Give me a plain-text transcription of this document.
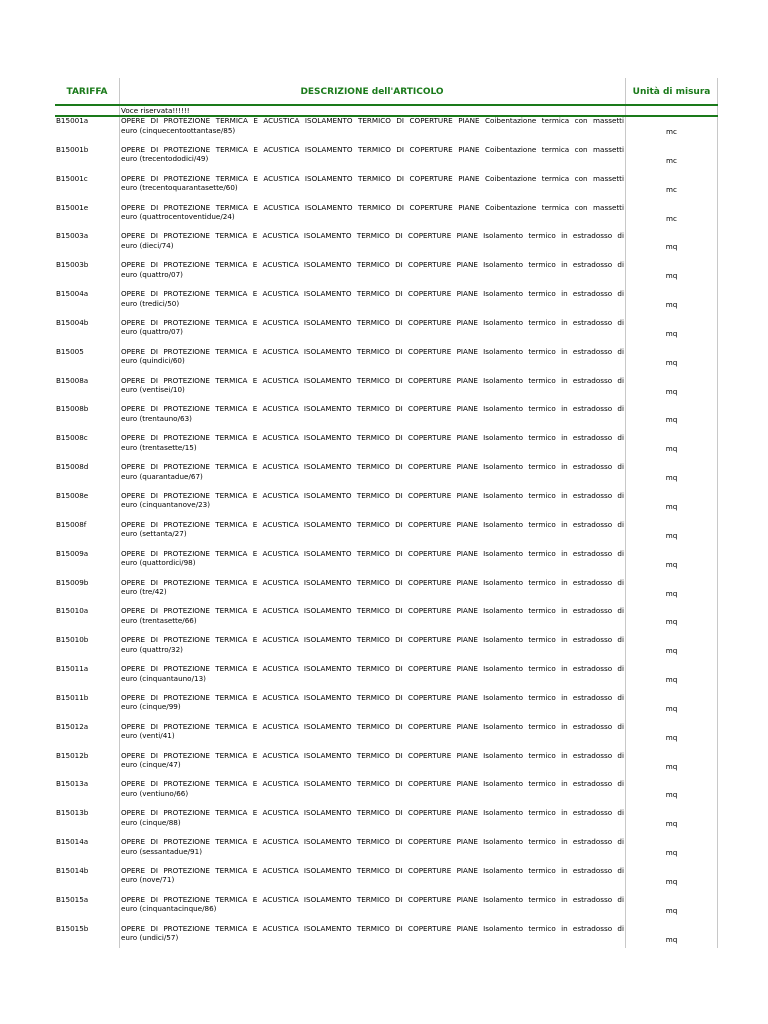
TARIFFA	DESCRIZIONE dell'ARTICOLO	Unità di misura
Voce riservata!!!!!!
B15001a	OPERE DI PROTEZIONE TERMICA E ACUSTICA ISOLAMENTO TERMICO DI COPERTURE PIANE Coibentazione termica con massetti
euro (cinquecentoottantase/85)	mc
B15001b	OPERE DI PROTEZIONE TERMICA E ACUSTICA ISOLAMENTO TERMICO DI COPERTURE PIANE Coibentazione termica con massetti
euro (trecentododici/49)	mc
B15001c	OPERE DI PROTEZIONE TERMICA E ACUSTICA ISOLAMENTO TERMICO DI COPERTURE PIANE Coibentazione termica con massetti
euro (trecentoquarantasette/60)	mc
B15001e	OPERE DI PROTEZIONE TERMICA E ACUSTICA ISOLAMENTO TERMICO DI COPERTURE PIANE Coibentazione termica con massetti
euro (quattrocentoventidue/24)	mc
B15003a	OPERE DI PROTEZIONE TERMICA E ACUSTICA ISOLAMENTO TERMICO DI COPERTURE PIANE Isolamento termico in estradosso di
euro (dieci/74)	mq
B15003b	OPERE DI PROTEZIONE TERMICA E ACUSTICA ISOLAMENTO TERMICO DI COPERTURE PIANE Isolamento termico in estradosso di
euro (quattro/07)	mq
B15004a	OPERE DI PROTEZIONE TERMICA E ACUSTICA ISOLAMENTO TERMICO DI COPERTURE PIANE Isolamento termico in estradosso di
euro (tredici/50)	mq
B15004b	OPERE DI PROTEZIONE TERMICA E ACUSTICA ISOLAMENTO TERMICO DI COPERTURE PIANE Isolamento termico in estradosso di
euro (quattro/07)	mq
B15005	OPERE DI PROTEZIONE TERMICA E ACUSTICA ISOLAMENTO TERMICO DI COPERTURE PIANE Isolamento termico in estradosso di
euro (quindici/60)	mq
B15008a	OPERE DI PROTEZIONE TERMICA E ACUSTICA ISOLAMENTO TERMICO DI COPERTURE PIANE Isolamento termico in estradosso di
euro (ventisei/10)	mq
B15008b	OPERE DI PROTEZIONE TERMICA E ACUSTICA ISOLAMENTO TERMICO DI COPERTURE PIANE Isolamento termico in estradosso di
euro (trentauno/63)	mq
B15008c	OPERE DI PROTEZIONE TERMICA E ACUSTICA ISOLAMENTO TERMICO DI COPERTURE PIANE Isolamento termico in estradosso di
euro (trentasette/15)	mq
B15008d	OPERE DI PROTEZIONE TERMICA E ACUSTICA ISOLAMENTO TERMICO DI COPERTURE PIANE Isolamento termico in estradosso di
euro (quarantadue/67)	mq
B15008e	OPERE DI PROTEZIONE TERMICA E ACUSTICA ISOLAMENTO TERMICO DI COPERTURE PIANE Isolamento termico in estradosso di
euro (cinquantanove/23)	mq
B15008f	OPERE DI PROTEZIONE TERMICA E ACUSTICA ISOLAMENTO TERMICO DI COPERTURE PIANE Isolamento termico in estradosso di
euro (settanta/27)	mq
B15009a	OPERE DI PROTEZIONE TERMICA E ACUSTICA ISOLAMENTO TERMICO DI COPERTURE PIANE Isolamento termico in estradosso di
euro (quattordici/98)	mq
B15009b	OPERE DI PROTEZIONE TERMICA E ACUSTICA ISOLAMENTO TERMICO DI COPERTURE PIANE Isolamento termico in estradosso di
euro (tre/42)	mq
B15010a	OPERE DI PROTEZIONE TERMICA E ACUSTICA ISOLAMENTO TERMICO DI COPERTURE PIANE Isolamento termico in estradosso di
euro (trentasette/66)	mq
B15010b	OPERE DI PROTEZIONE TERMICA E ACUSTICA ISOLAMENTO TERMICO DI COPERTURE PIANE Isolamento termico in estradosso di
euro (quattro/32)	mq
B15011a	OPERE DI PROTEZIONE TERMICA E ACUSTICA ISOLAMENTO TERMICO DI COPERTURE PIANE Isolamento termico in estradosso di
euro (cinquantauno/13)	mq
B15011b	OPERE DI PROTEZIONE TERMICA E ACUSTICA ISOLAMENTO TERMICO DI COPERTURE PIANE Isolamento termico in estradosso di
euro (cinque/99)	mq
B15012a	OPERE DI PROTEZIONE TERMICA E ACUSTICA ISOLAMENTO TERMICO DI COPERTURE PIANE Isolamento termico in estradosso di
euro (venti/41)	mq
B15012b	OPERE DI PROTEZIONE TERMICA E ACUSTICA ISOLAMENTO TERMICO DI COPERTURE PIANE Isolamento termico in estradosso di
euro (cinque/47)	mq
B15013a	OPERE DI PROTEZIONE TERMICA E ACUSTICA ISOLAMENTO TERMICO DI COPERTURE PIANE Isolamento termico in estradosso di
euro (ventiuno/66)	mq
B15013b	OPERE DI PROTEZIONE TERMICA E ACUSTICA ISOLAMENTO TERMICO DI COPERTURE PIANE Isolamento termico in estradosso di
euro (cinque/88)	mq
B15014a	OPERE DI PROTEZIONE TERMICA E ACUSTICA ISOLAMENTO TERMICO DI COPERTURE PIANE Isolamento termico in estradosso di
euro (sessantadue/91)	mq
B15014b	OPERE DI PROTEZIONE TERMICA E ACUSTICA ISOLAMENTO TERMICO DI COPERTURE PIANE Isolamento termico in estradosso di
euro (nove/71)	mq
B15015a	OPERE DI PROTEZIONE TERMICA E ACUSTICA ISOLAMENTO TERMICO DI COPERTURE PIANE Isolamento termico in estradosso di
euro (cinquantacinque/86)	mq
B15015b	OPERE DI PROTEZIONE TERMICA E ACUSTICA ISOLAMENTO TERMICO DI COPERTURE PIANE Isolamento termico in estradosso di
euro (undici/57)	mq
